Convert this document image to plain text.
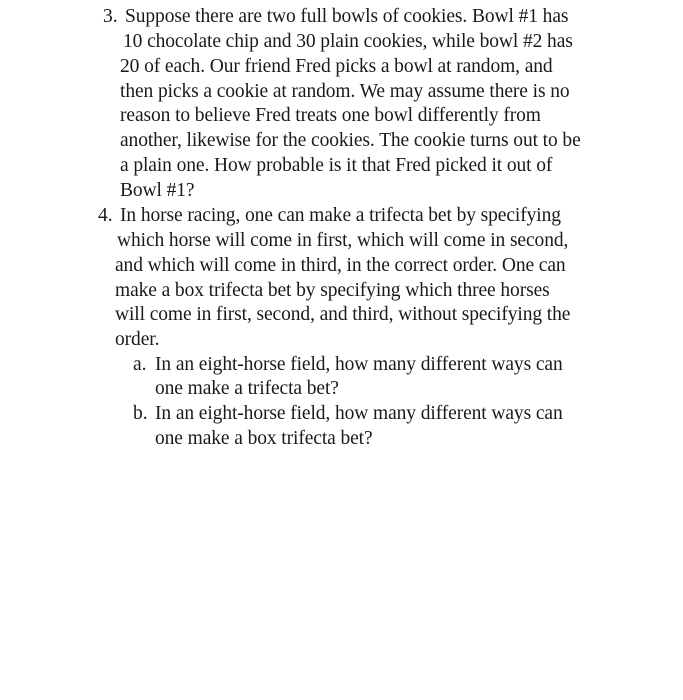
3. Suppose there are two full bowls of cookies. Bowl #1 has
10 chocolate chip and 30 plain cookies, while bowl #2 has
20 of each. Our friend Fred picks a bowl at random, and
then picks a cookie at random. We may assume there is no
reason to believe Fred treats one bowl differently from
another, likewise for the cookies. The cookie turns out to be
a plain one. How probable is it that Fred picked it out of
Bowl #1?
4. In horse racing, one can make a trifecta bet by specifying
which horse will come in first, which will come in second,
and which will come in third, in the correct order. One can
make a box trifecta bet by specifying which three horses
will come in first, second, and third, without specifying the
order.
a. In an eight-horse field, how many different ways can
one make a trifecta bet?
b. In an eight-horse field, how many different ways can
one make a box trifecta bet?
